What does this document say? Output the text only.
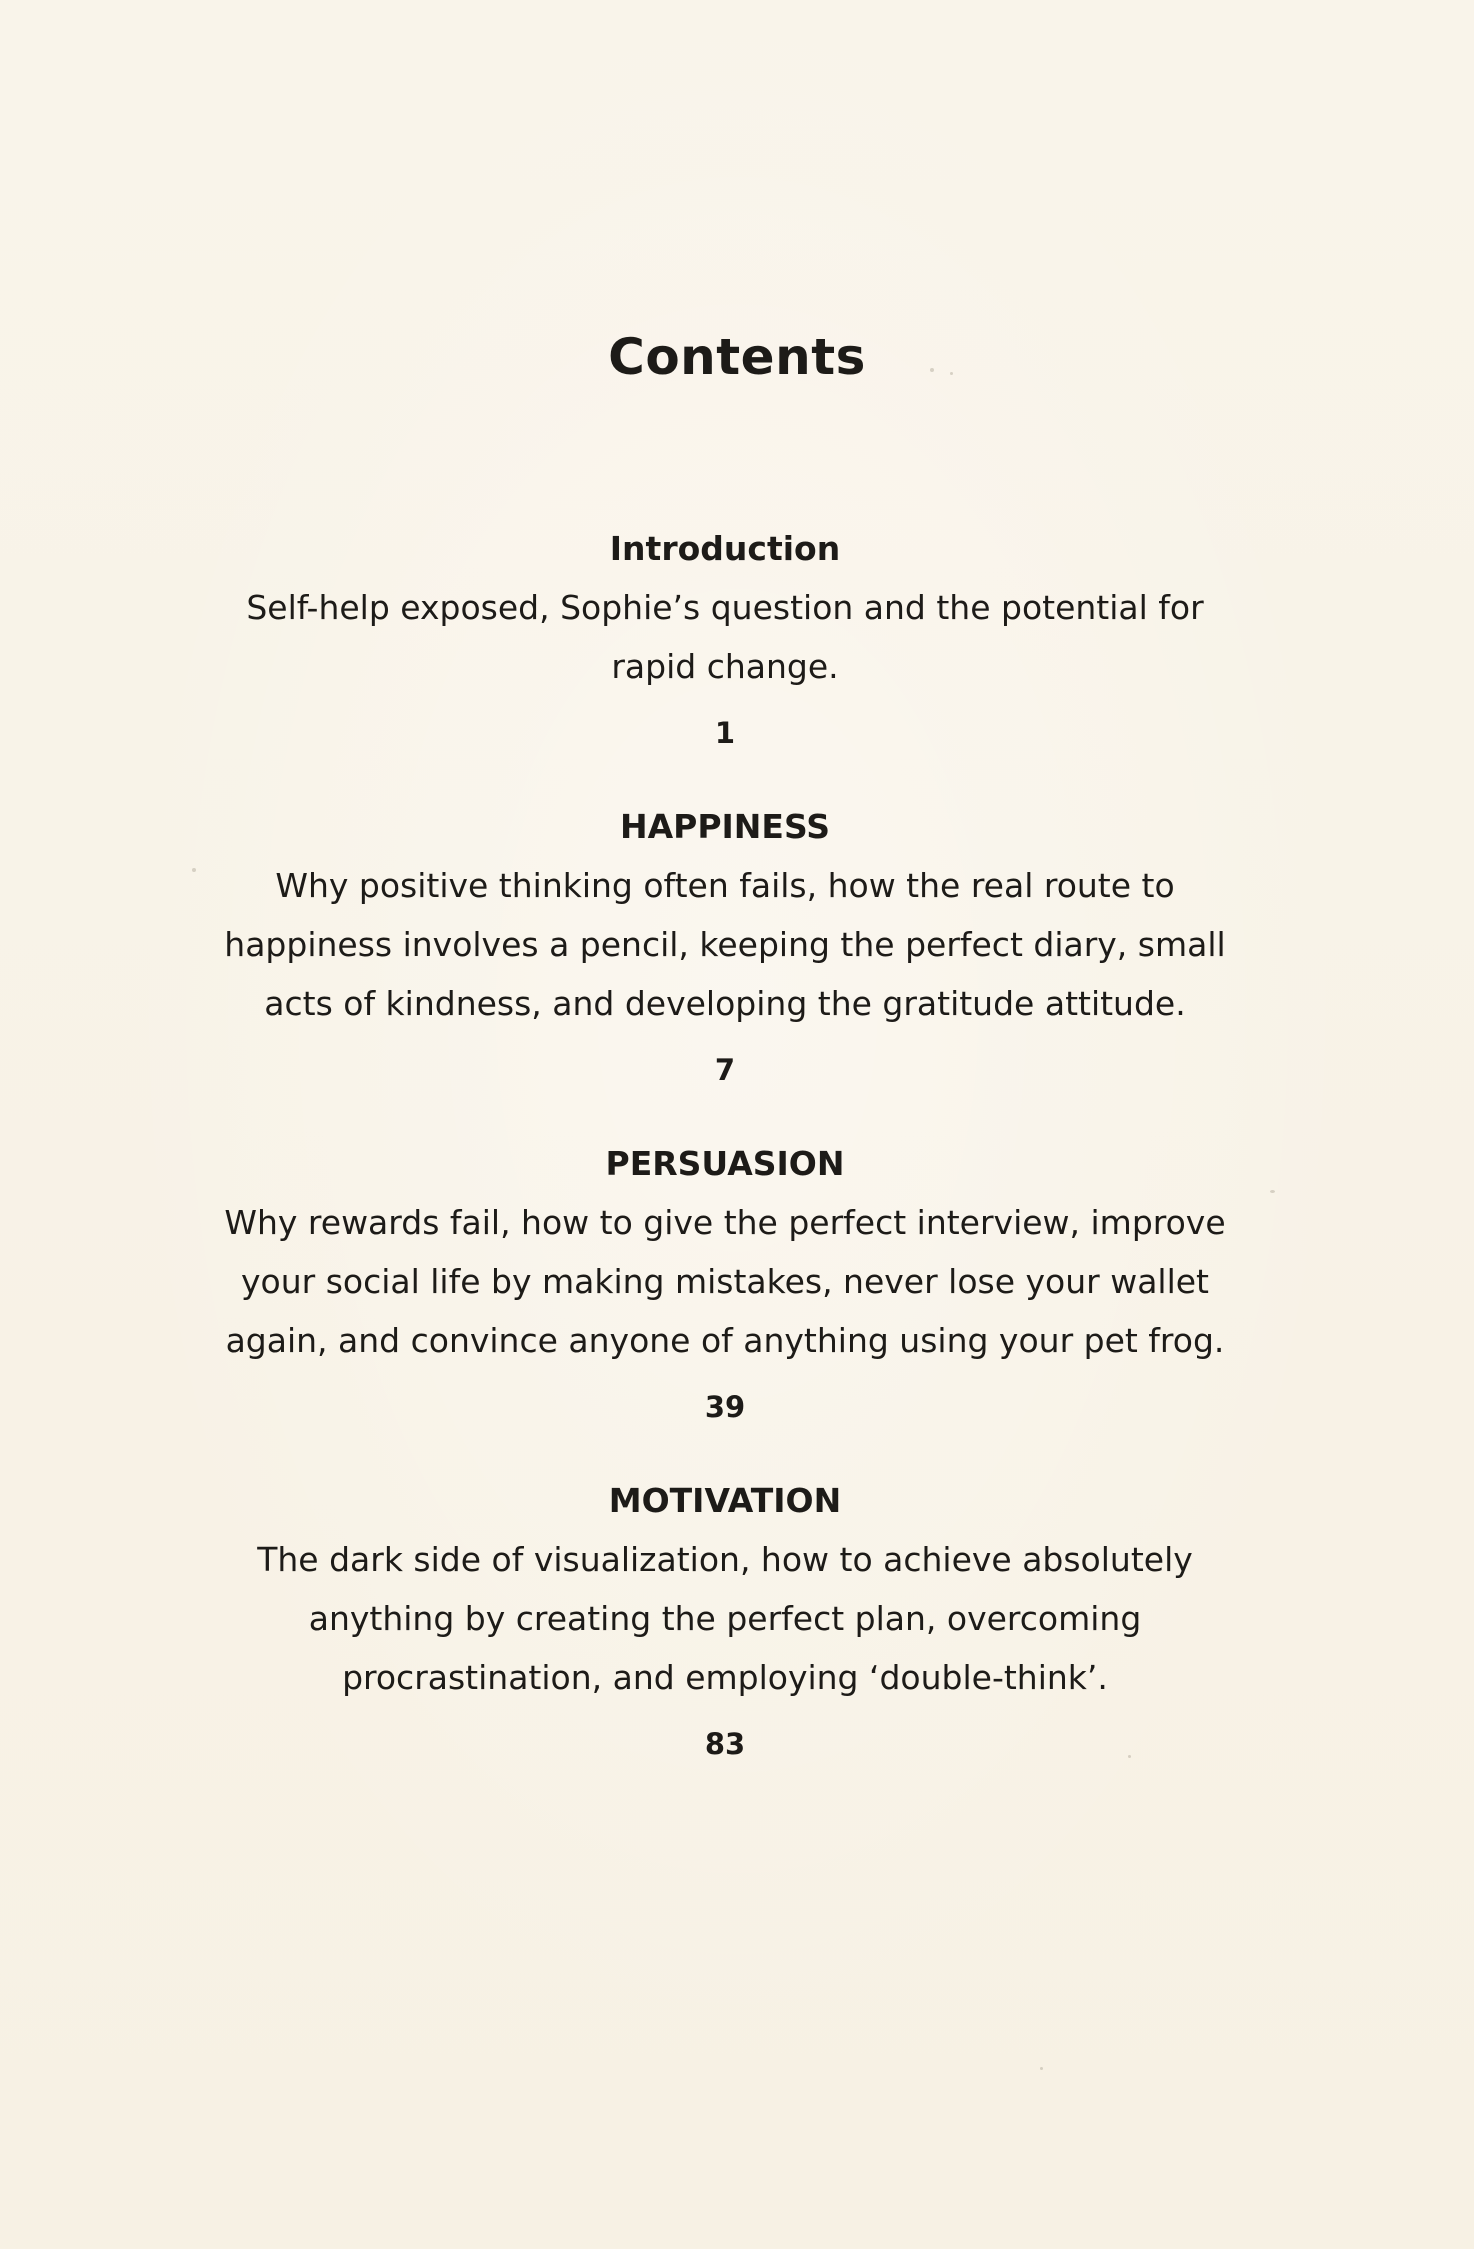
Contents
Introduction
Self-help exposed, Sophie’s question and the potential for rapid change.
1
HAPPINESS
Why positive thinking often fails, how the real route to happiness involves a pencil, keeping the perfect diary, small acts of kindness, and developing the gratitude attitude.
7
PERSUASION
Why rewards fail, how to give the perfect interview, improve your social life by making mistakes, never lose your wallet again, and convince anyone of anything using your pet frog.
39
MOTIVATION
The dark side of visualization, how to achieve absolutely anything by creating the perfect plan, overcoming procrastination, and employing ‘double-think’.
83
